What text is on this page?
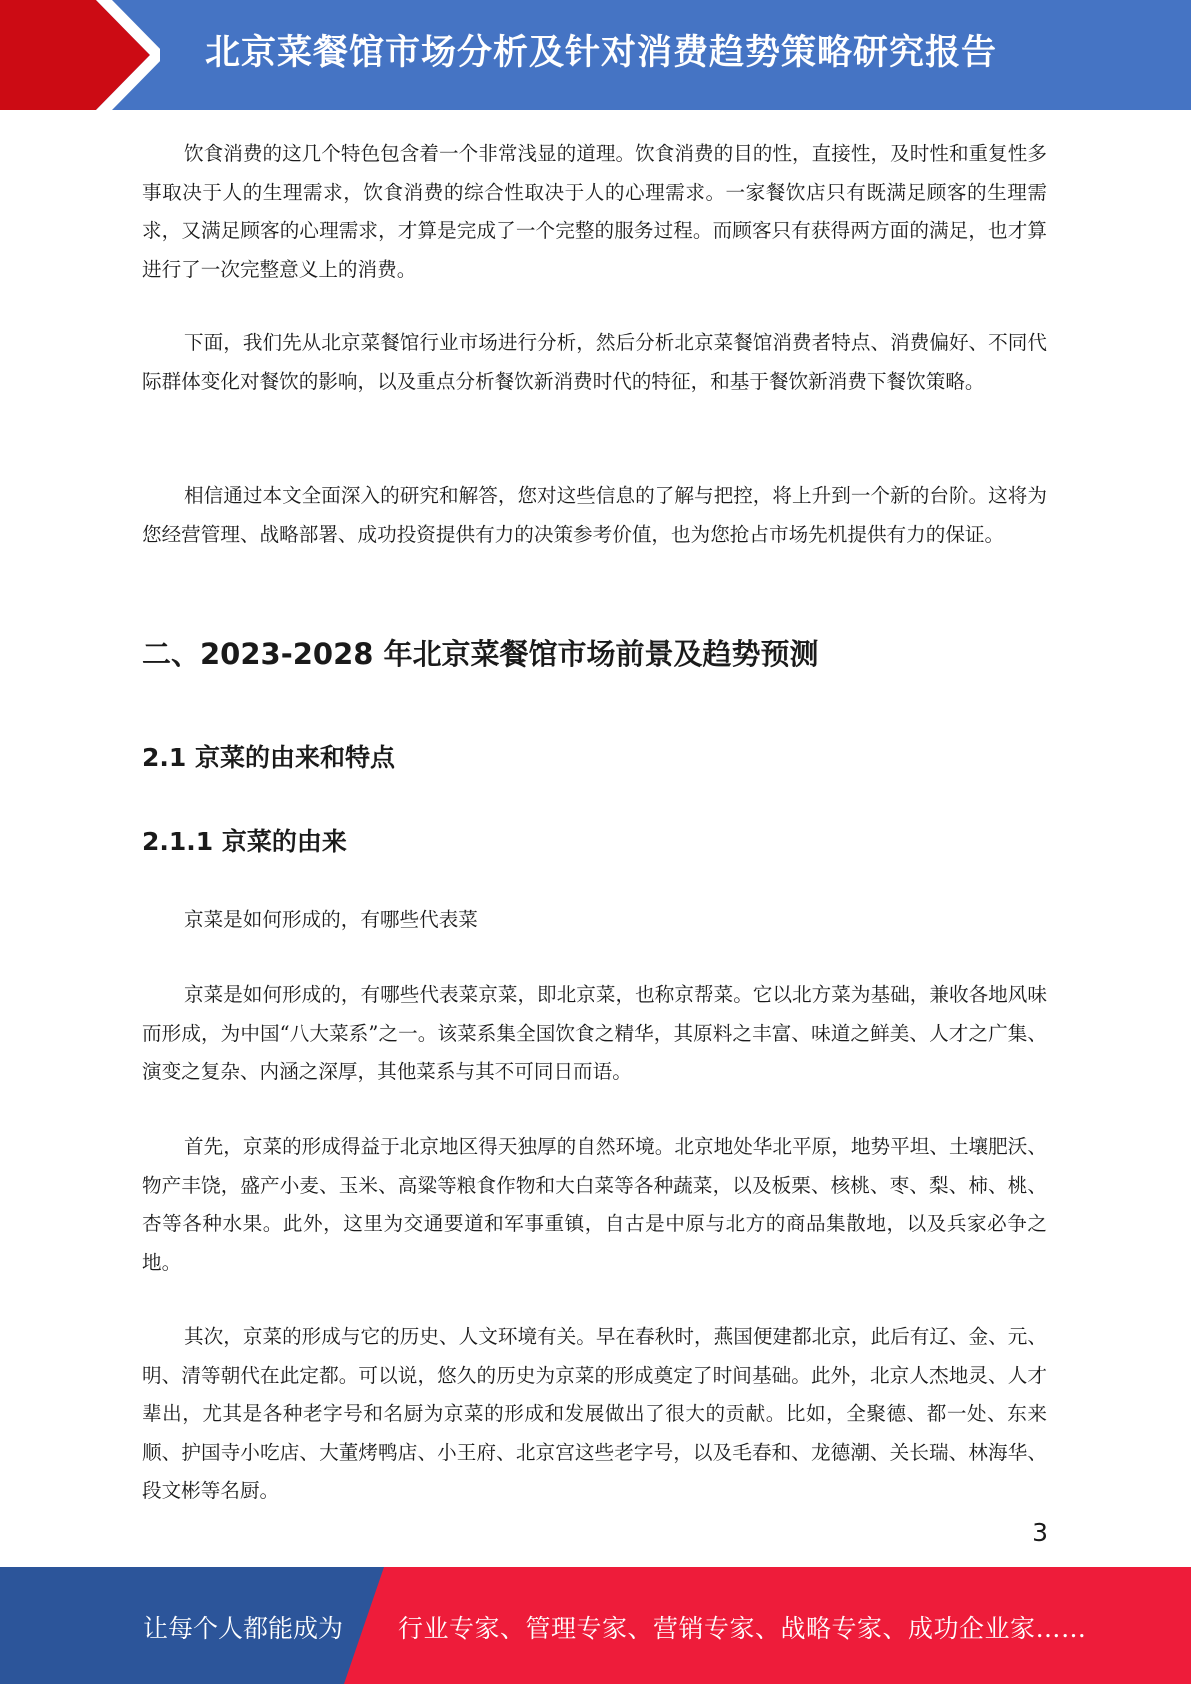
北京菜餐馆市场分析及针对消费趋势策略研究报告

饮食消费的这几个特色包含着一个非常浅显的道理。饮食消费的目的性，直接性，及时性和重复性多事取决于人的生理需求，饮食消费的综合性取决于人的心理需求。一家餐饮店只有既满足顾客的生理需求，又满足顾客的心理需求，才算是完成了一个完整的服务过程。而顾客只有获得两方面的满足，也才算进行了一次完整意义上的消费。

下面，我们先从北京菜餐馆行业市场进行分析，然后分析北京菜餐馆消费者特点、消费偏好、不同代际群体变化对餐饮的影响，以及重点分析餐饮新消费时代的特征，和基于餐饮新消费下餐饮策略。

相信通过本文全面深入的研究和解答，您对这些信息的了解与把控，将上升到一个新的台阶。这将为您经营管理、战略部署、成功投资提供有力的决策参考价值，也为您抢占市场先机提供有力的保证。

二、2023-2028 年北京菜餐馆市场前景及趋势预测
2.1 京菜的由来和特点
2.1.1 京菜的由来

京菜是如何形成的，有哪些代表菜

京菜是如何形成的，有哪些代表菜京菜，即北京菜，也称京帮菜。它以北方菜为基础，兼收各地风味而形成，为中国“八大菜系”之一。该菜系集全国饮食之精华，其原料之丰富、味道之鲜美、人才之广集、演变之复杂、内涵之深厚，其他菜系与其不可同日而语。

首先，京菜的形成得益于北京地区得天独厚的自然环境。北京地处华北平原，地势平坦、土壤肥沃、物产丰饶，盛产小麦、玉米、高粱等粮食作物和大白菜等各种蔬菜，以及板栗、核桃、枣、梨、柿、桃、杏等各种水果。此外，这里为交通要道和军事重镇，自古是中原与北方的商品集散地，以及兵家必争之地。

其次，京菜的形成与它的历史、人文环境有关。早在春秋时，燕国便建都北京，此后有辽、金、元、明、清等朝代在此定都。可以说，悠久的历史为京菜的形成奠定了时间基础。此外，北京人杰地灵、人才辈出，尤其是各种老字号和名厨为京菜的形成和发展做出了很大的贡献。比如，全聚德、都一处、东来顺、护国寺小吃店、大董烤鸭店、小王府、北京宫这些老字号，以及毛春和、龙德潮、关长瑞、林海华、段文彬等名厨。

3
让每个人都能成为 行业专家、管理专家、营销专家、战略专家、成功企业家……
